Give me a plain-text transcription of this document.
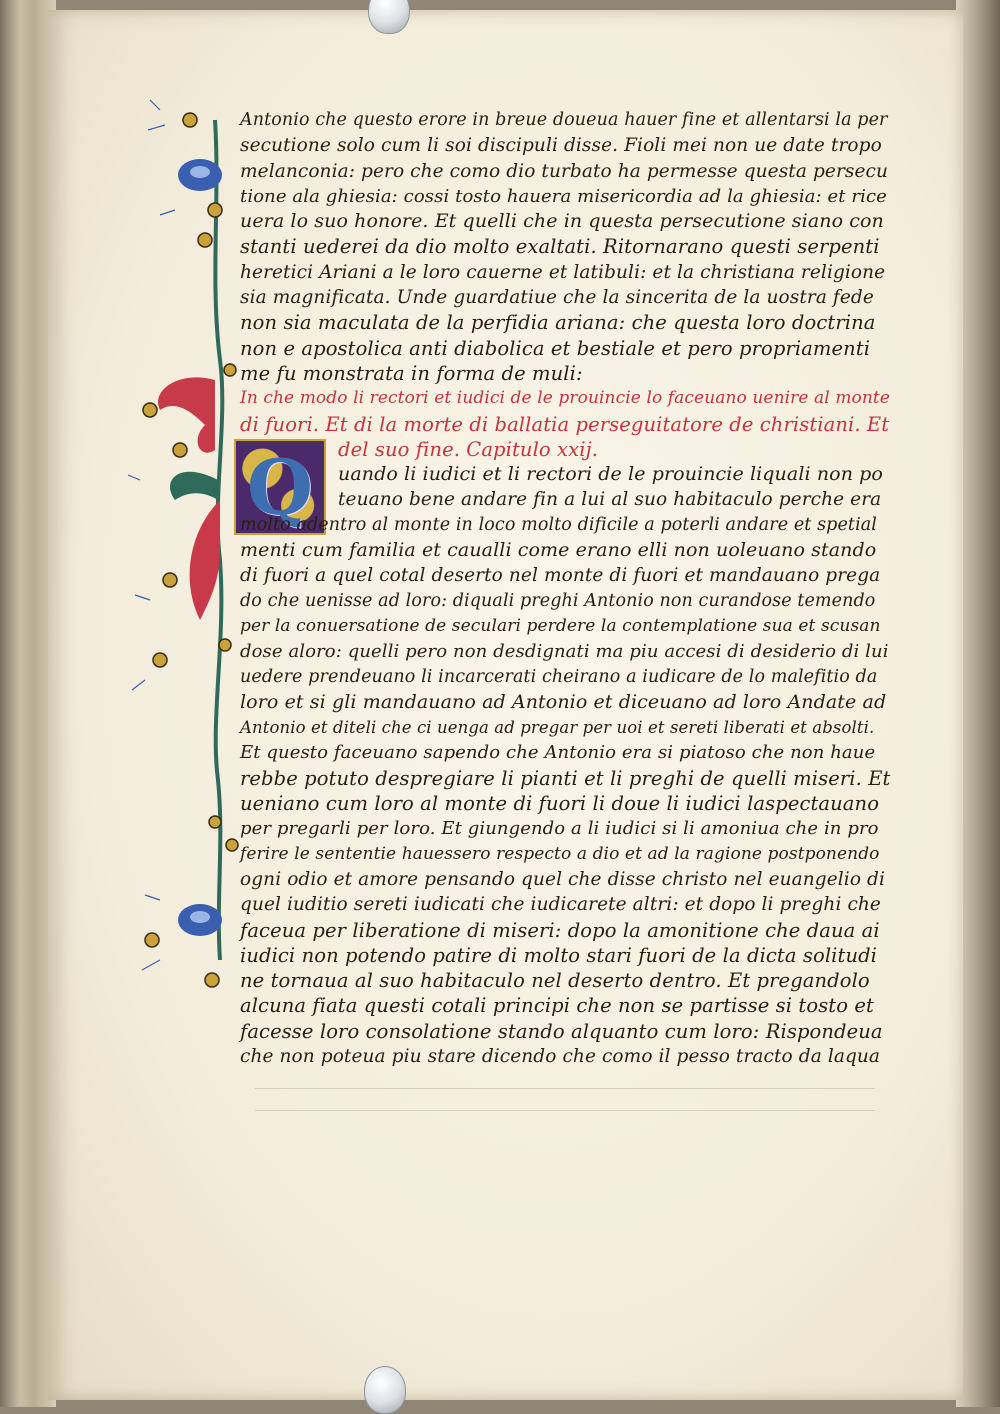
Q
Antonio che questo erore in breue doueua hauer fine et allentarsi la per
secutione solo cum li soi discipuli disse. Fioli mei non ue date tropo
melanconia: pero che como dio turbato ha permesse questa persecu
tione ala ghiesia: cossi tosto hauera misericordia ad la ghiesia: et rice
uera lo suo honore. Et quelli che in questa persecutione siano con
stanti uederei da dio molto exaltati. Ritornarano questi serpenti
heretici Ariani a le loro cauerne et latibuli: et la christiana religione
sia magnificata. Unde guardatiue che la sincerita de la uostra fede
non sia maculata de la perfidia ariana: che questa loro doctrina
non e apostolica anti diabolica et bestiale et pero propriamenti
me fu monstrata in forma de muli:
In che modo li rectori et iudici de le prouincie lo faceuano uenire al monte
di fuori. Et di la morte di ballatia perseguitatore de christiani. Et
del suo fine. Capitulo xxij.
uando li iudici et li rectori de le prouincie liquali non po
teuano bene andare fin a lui al suo habitaculo perche era
molto adentro al monte in loco molto dificile a poterli andare et spetial
menti cum familia et caualli come erano elli non uoleuano stando
di fuori a quel cotal deserto nel monte di fuori et mandauano prega
do che uenisse ad loro: diquali preghi Antonio non curandose temendo
per la conuersatione de seculari perdere la contemplatione sua et scusan
dose aloro: quelli pero non desdignati ma piu accesi di desiderio di lui
uedere prendeuano li incarcerati cheirano a iudicare de lo malefitio da
loro et si gli mandauano ad Antonio et diceuano ad loro Andate ad
Antonio et diteli che ci uenga ad pregar per uoi et sereti liberati et absolti.
Et questo faceuano sapendo che Antonio era si piatoso che non haue
rebbe potuto despregiare li pianti et li preghi de quelli miseri. Et
ueniano cum loro al monte di fuori li doue li iudici laspectauano
per pregarli per loro. Et giungendo a li iudici si li amoniua che in pro
ferire le sententie hauessero respecto a dio et ad la ragione postponendo
ogni odio et amore pensando quel che disse christo nel euangelio di
quel iuditio sereti iudicati che iudicarete altri: et dopo li preghi che
faceua per liberatione di miseri: dopo la amonitione che daua ai
iudici non potendo patire di molto stari fuori de la dicta solitudi
ne tornaua al suo habitaculo nel deserto dentro. Et pregandolo
alcuna fiata questi cotali principi che non se partisse si tosto et
facesse loro consolatione stando alquanto cum loro: Rispondeua
che non poteua piu stare dicendo che como il pesso tracto da laqua
